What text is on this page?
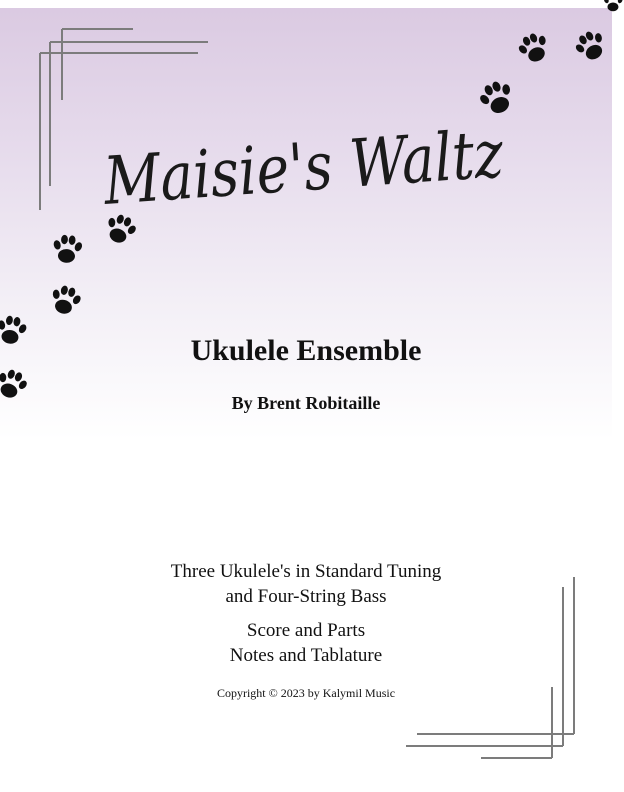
Maisie's Waltz
Ukulele Ensemble
By Brent Robitaille
Three Ukulele's in Standard Tuning
and Four-String Bass
Score and Parts
Notes and Tablature
Copyright © 2023 by Kalymil Music
